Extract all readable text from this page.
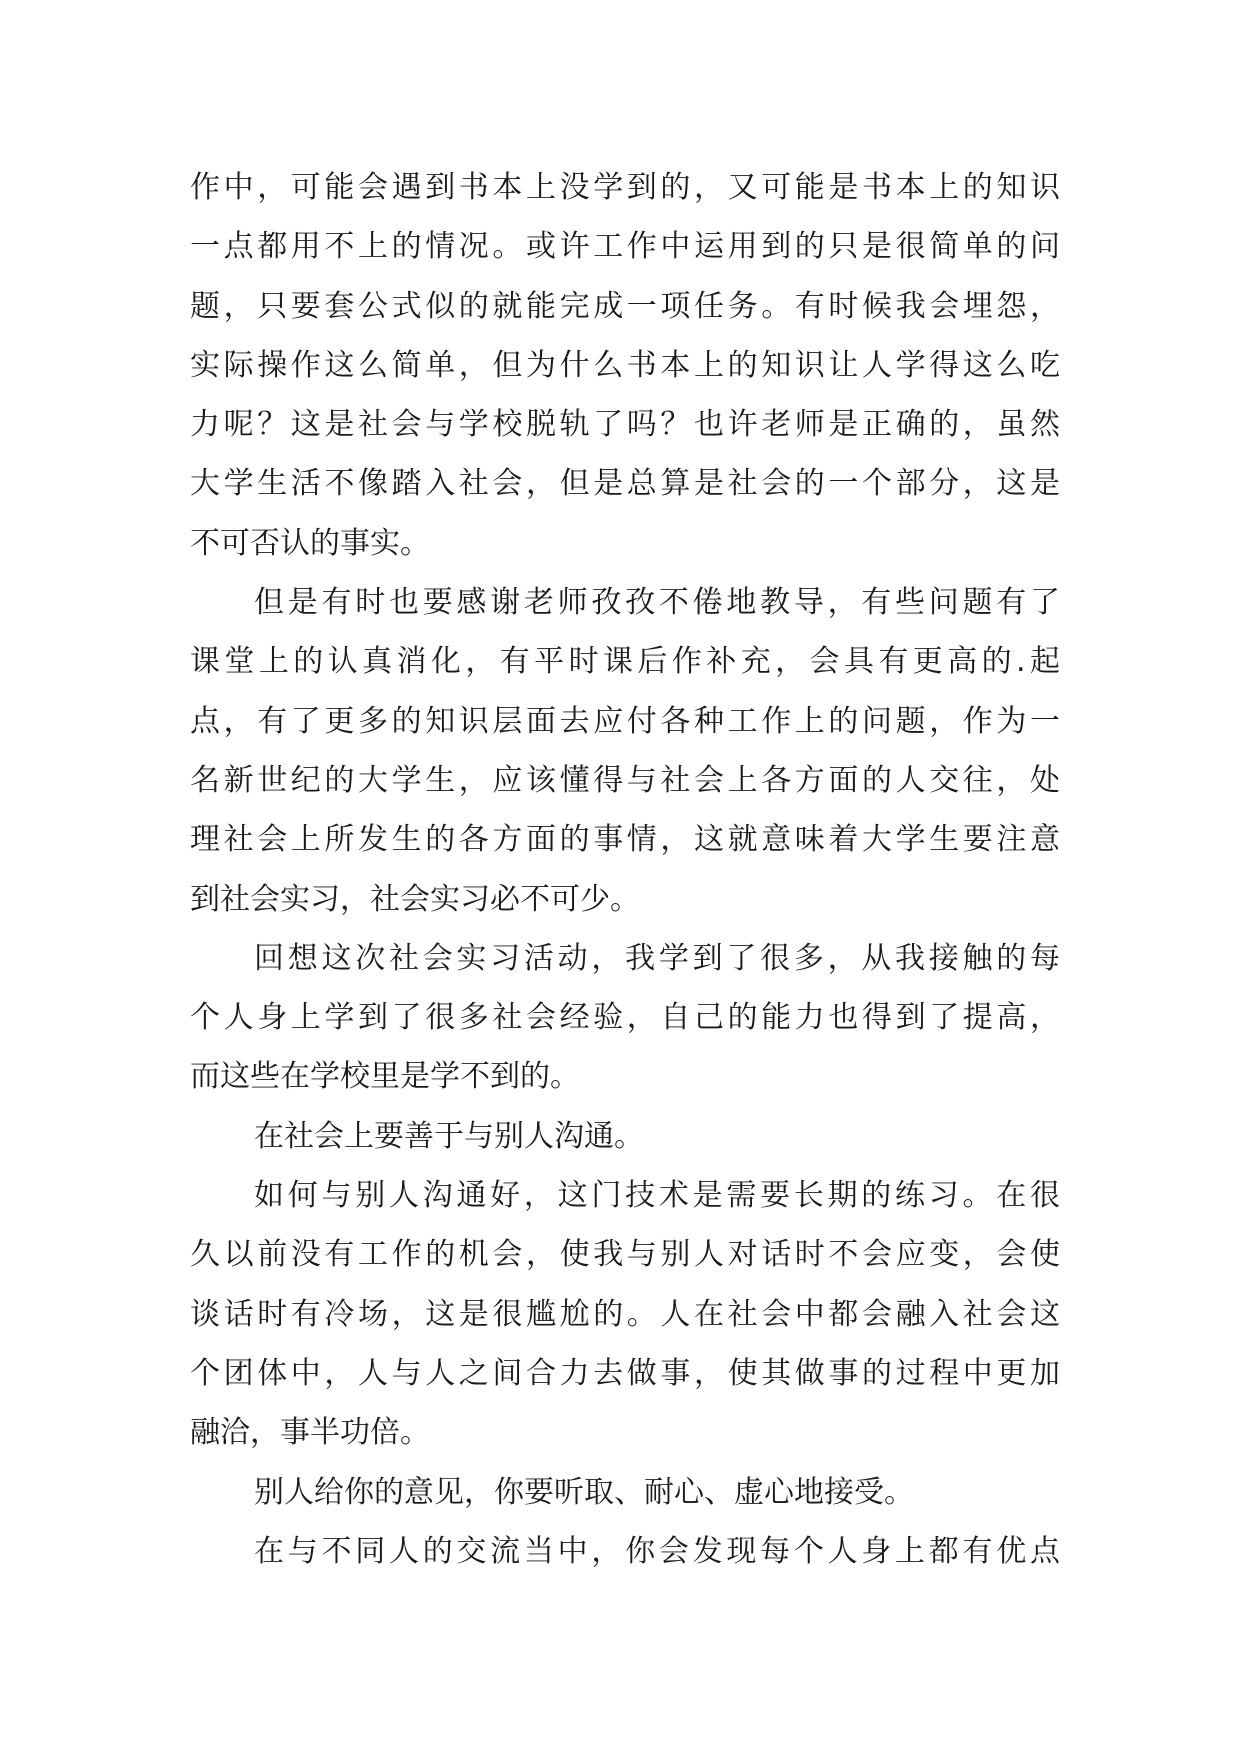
作中，可能会遇到书本上没学到的，又可能是书本上的知识
一点都用不上的情况。或许工作中运用到的只是很简单的问
题，只要套公式似的就能完成一项任务。有时候我会埋怨，
实际操作这么简单，但为什么书本上的知识让人学得这么吃
力呢？这是社会与学校脱轨了吗？也许老师是正确的，虽然
大学生活不像踏入社会，但是总算是社会的一个部分，这是
不可否认的事实。
但是有时也要感谢老师孜孜不倦地教导，有些问题有了
课堂上的认真消化，有平时课后作补充，会具有更高的.起
点，有了更多的知识层面去应付各种工作上的问题，作为一
名新世纪的大学生，应该懂得与社会上各方面的人交往，处
理社会上所发生的各方面的事情，这就意味着大学生要注意
到社会实习，社会实习必不可少。
回想这次社会实习活动，我学到了很多，从我接触的每
个人身上学到了很多社会经验，自己的能力也得到了提高，
而这些在学校里是学不到的。
在社会上要善于与别人沟通。
如何与别人沟通好，这门技术是需要长期的练习。在很
久以前没有工作的机会，使我与别人对话时不会应变，会使
谈话时有冷场，这是很尴尬的。人在社会中都会融入社会这
个团体中，人与人之间合力去做事，使其做事的过程中更加
融洽，事半功倍。
别人给你的意见，你要听取、耐心、虚心地接受。
在与不同人的交流当中，你会发现每个人身上都有优点
